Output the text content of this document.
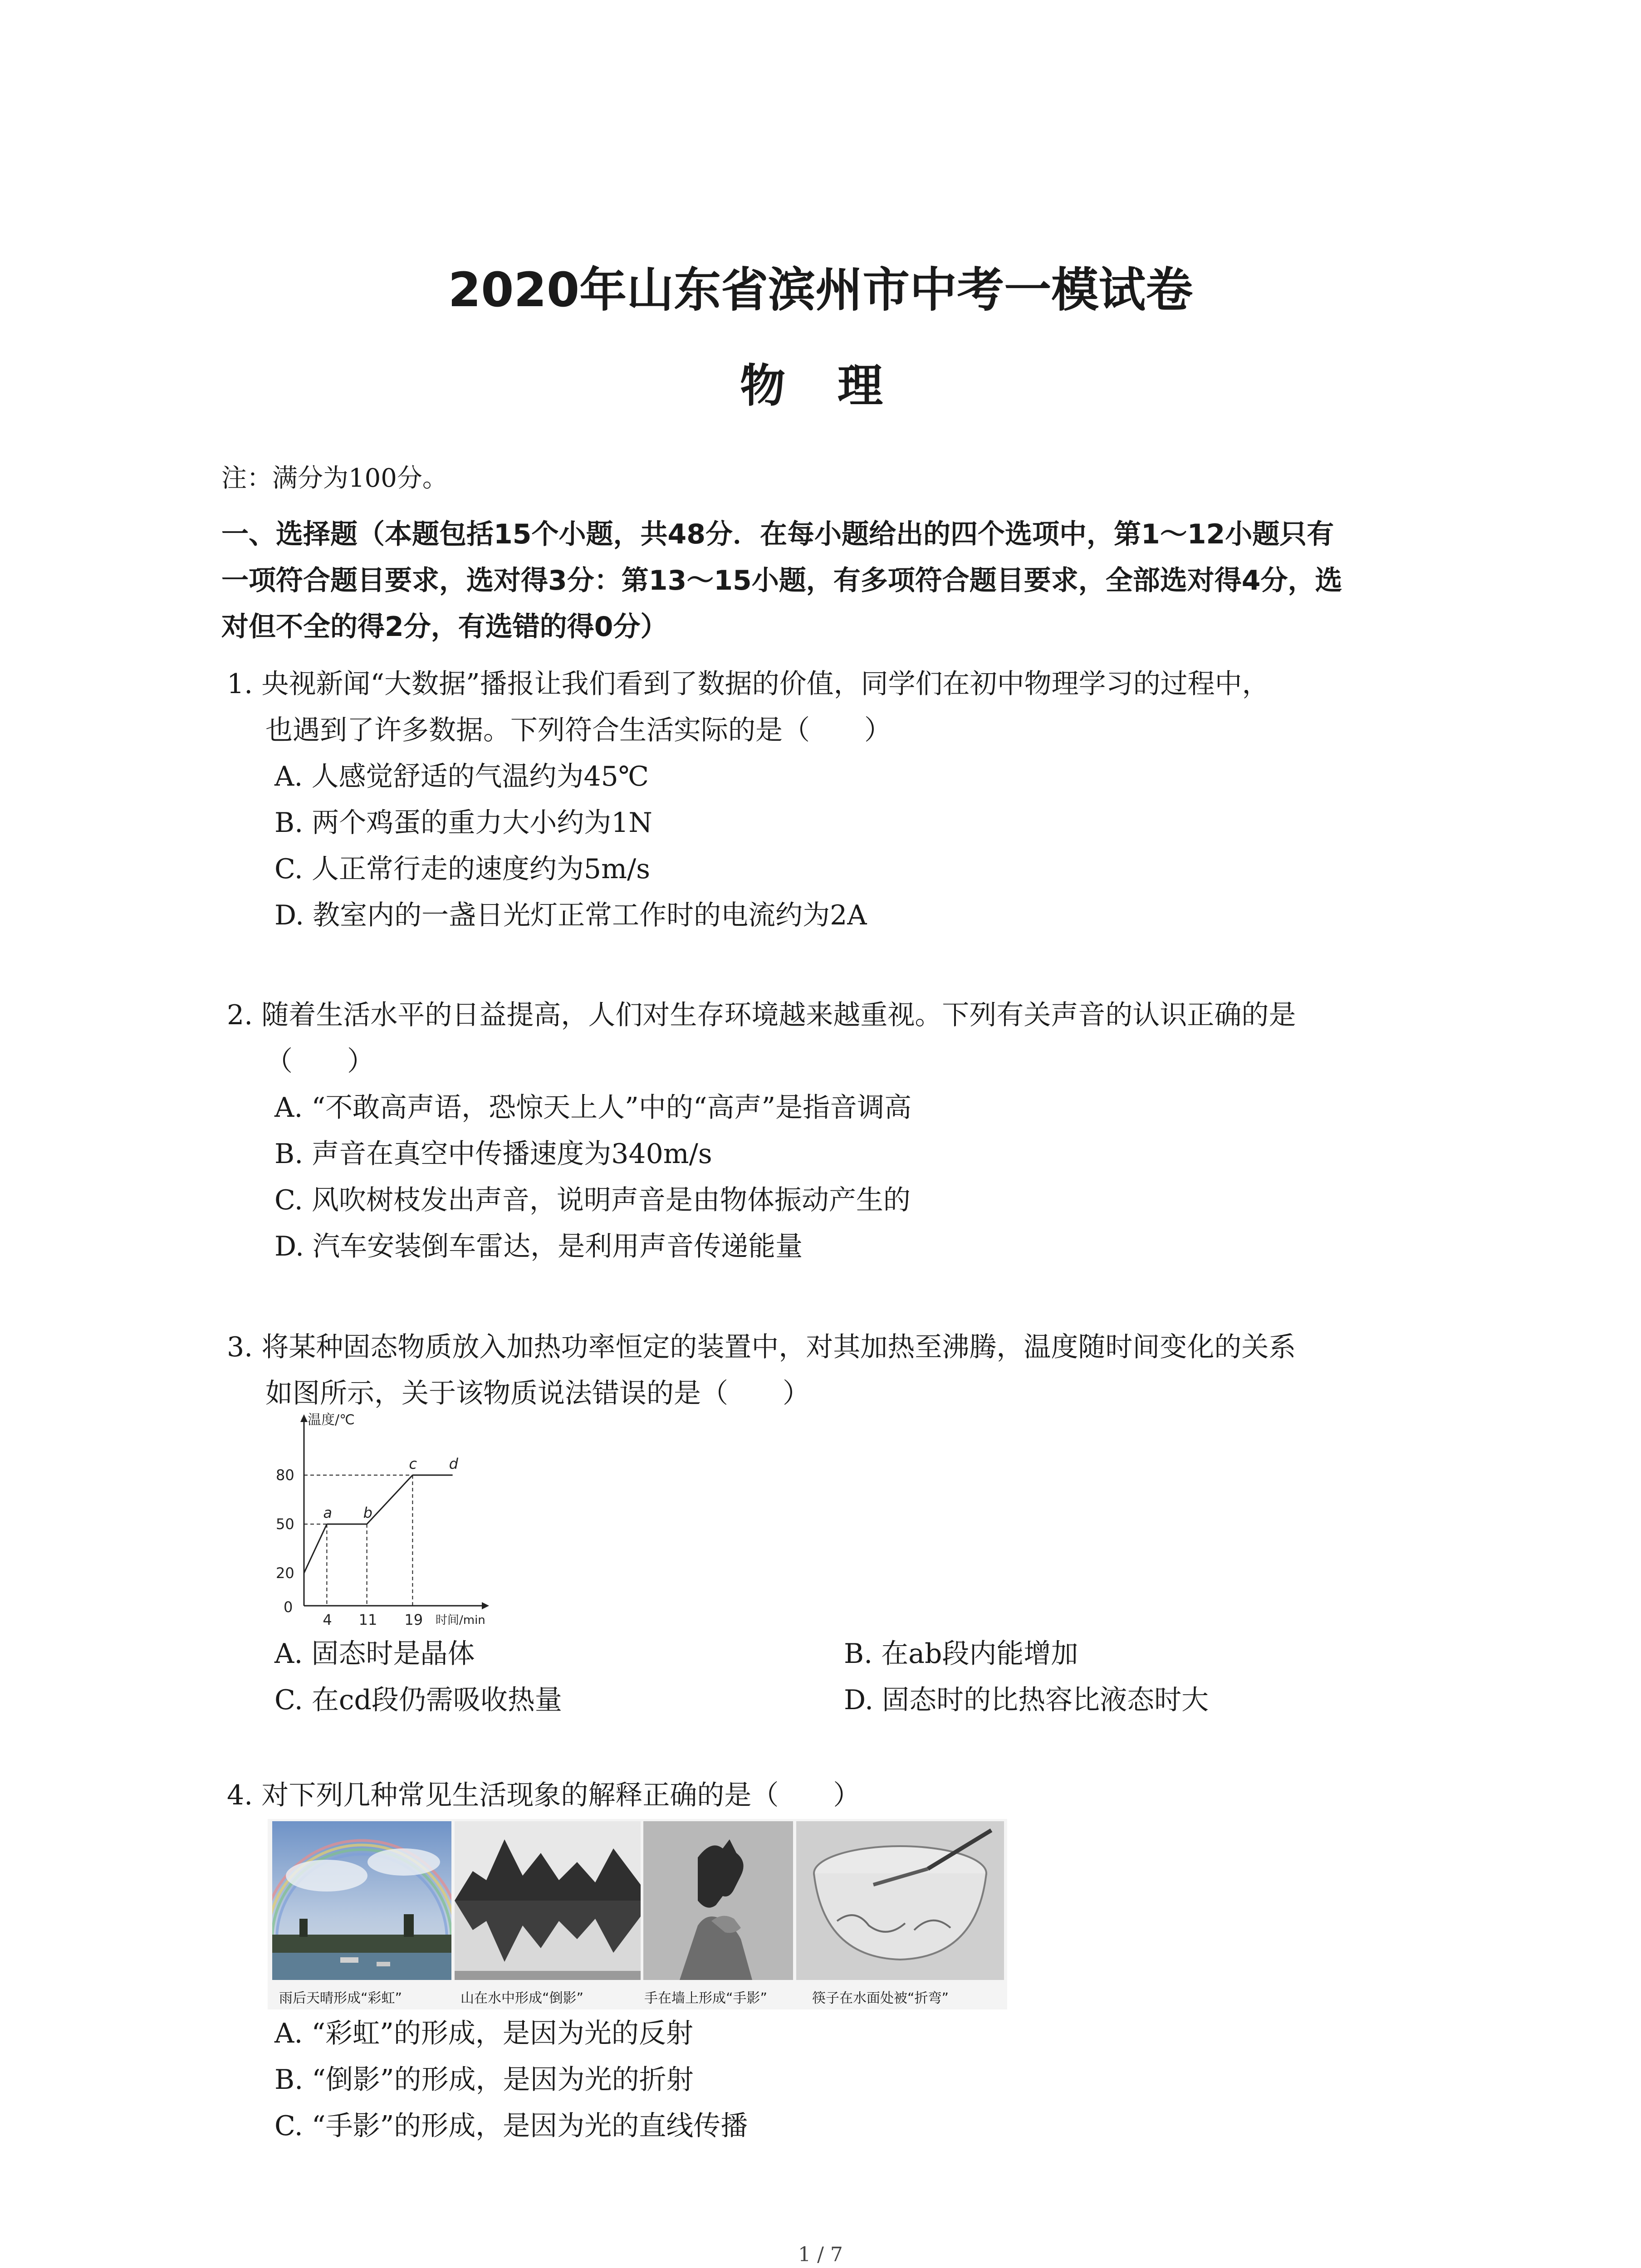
2020年山东省滨州市中考一模试卷
物 理
注：满分为100分。
一、选择题（本题包括15个小题，共48分．在每小题给出的四个选项中，第1～12小题只有
一项符合题目要求，选对得3分：第13～15小题，有多项符合题目要求，全部选对得4分，选
对但不全的得2分，有选错的得0分）
1. 央视新闻“大数据”播报让我们看到了数据的价值，同学们在初中物理学习的过程中，
也遇到了许多数据。下列符合生活实际的是（　　）
A. 人感觉舒适的气温约为45℃
B. 两个鸡蛋的重力大小约为1N
C. 人正常行走的速度约为5m/s
D. 教室内的一盏日光灯正常工作时的电流约为2A
2. 随着生活水平的日益提高，人们对生存环境越来越重视。下列有关声音的认识正确的是
（　　）
A. “不敢高声语，恐惊天上人”中的“高声”是指音调高
B. 声音在真空中传播速度为340m/s
C. 风吹树枝发出声音，说明声音是由物体振动产生的
D. 汽车安装倒车雷达，是利用声音传递能量
3. 将某种固态物质放入加热功率恒定的装置中，对其加热至沸腾，温度随时间变化的关系
如图所示，关于该物质说法错误的是（　　）
温度/℃
时间/min
0
20
50
80
4 11 19
a b
c d
A. 固态时是晶体	B. 在ab段内能增加
C. 在cd段仍需吸收热量	D. 固态时的比热容比液态时大
4. 对下列几种常见生活现象的解释正确的是（　　）
雨后天晴形成“彩虹”	山在水中形成“倒影”	手在墙上形成“手影”	筷子在水面处被“折弯”
A. “彩虹”的形成，是因为光的反射
B. “倒影”的形成，是因为光的折射
C. “手影”的形成，是因为光的直线传播
1 / 7
